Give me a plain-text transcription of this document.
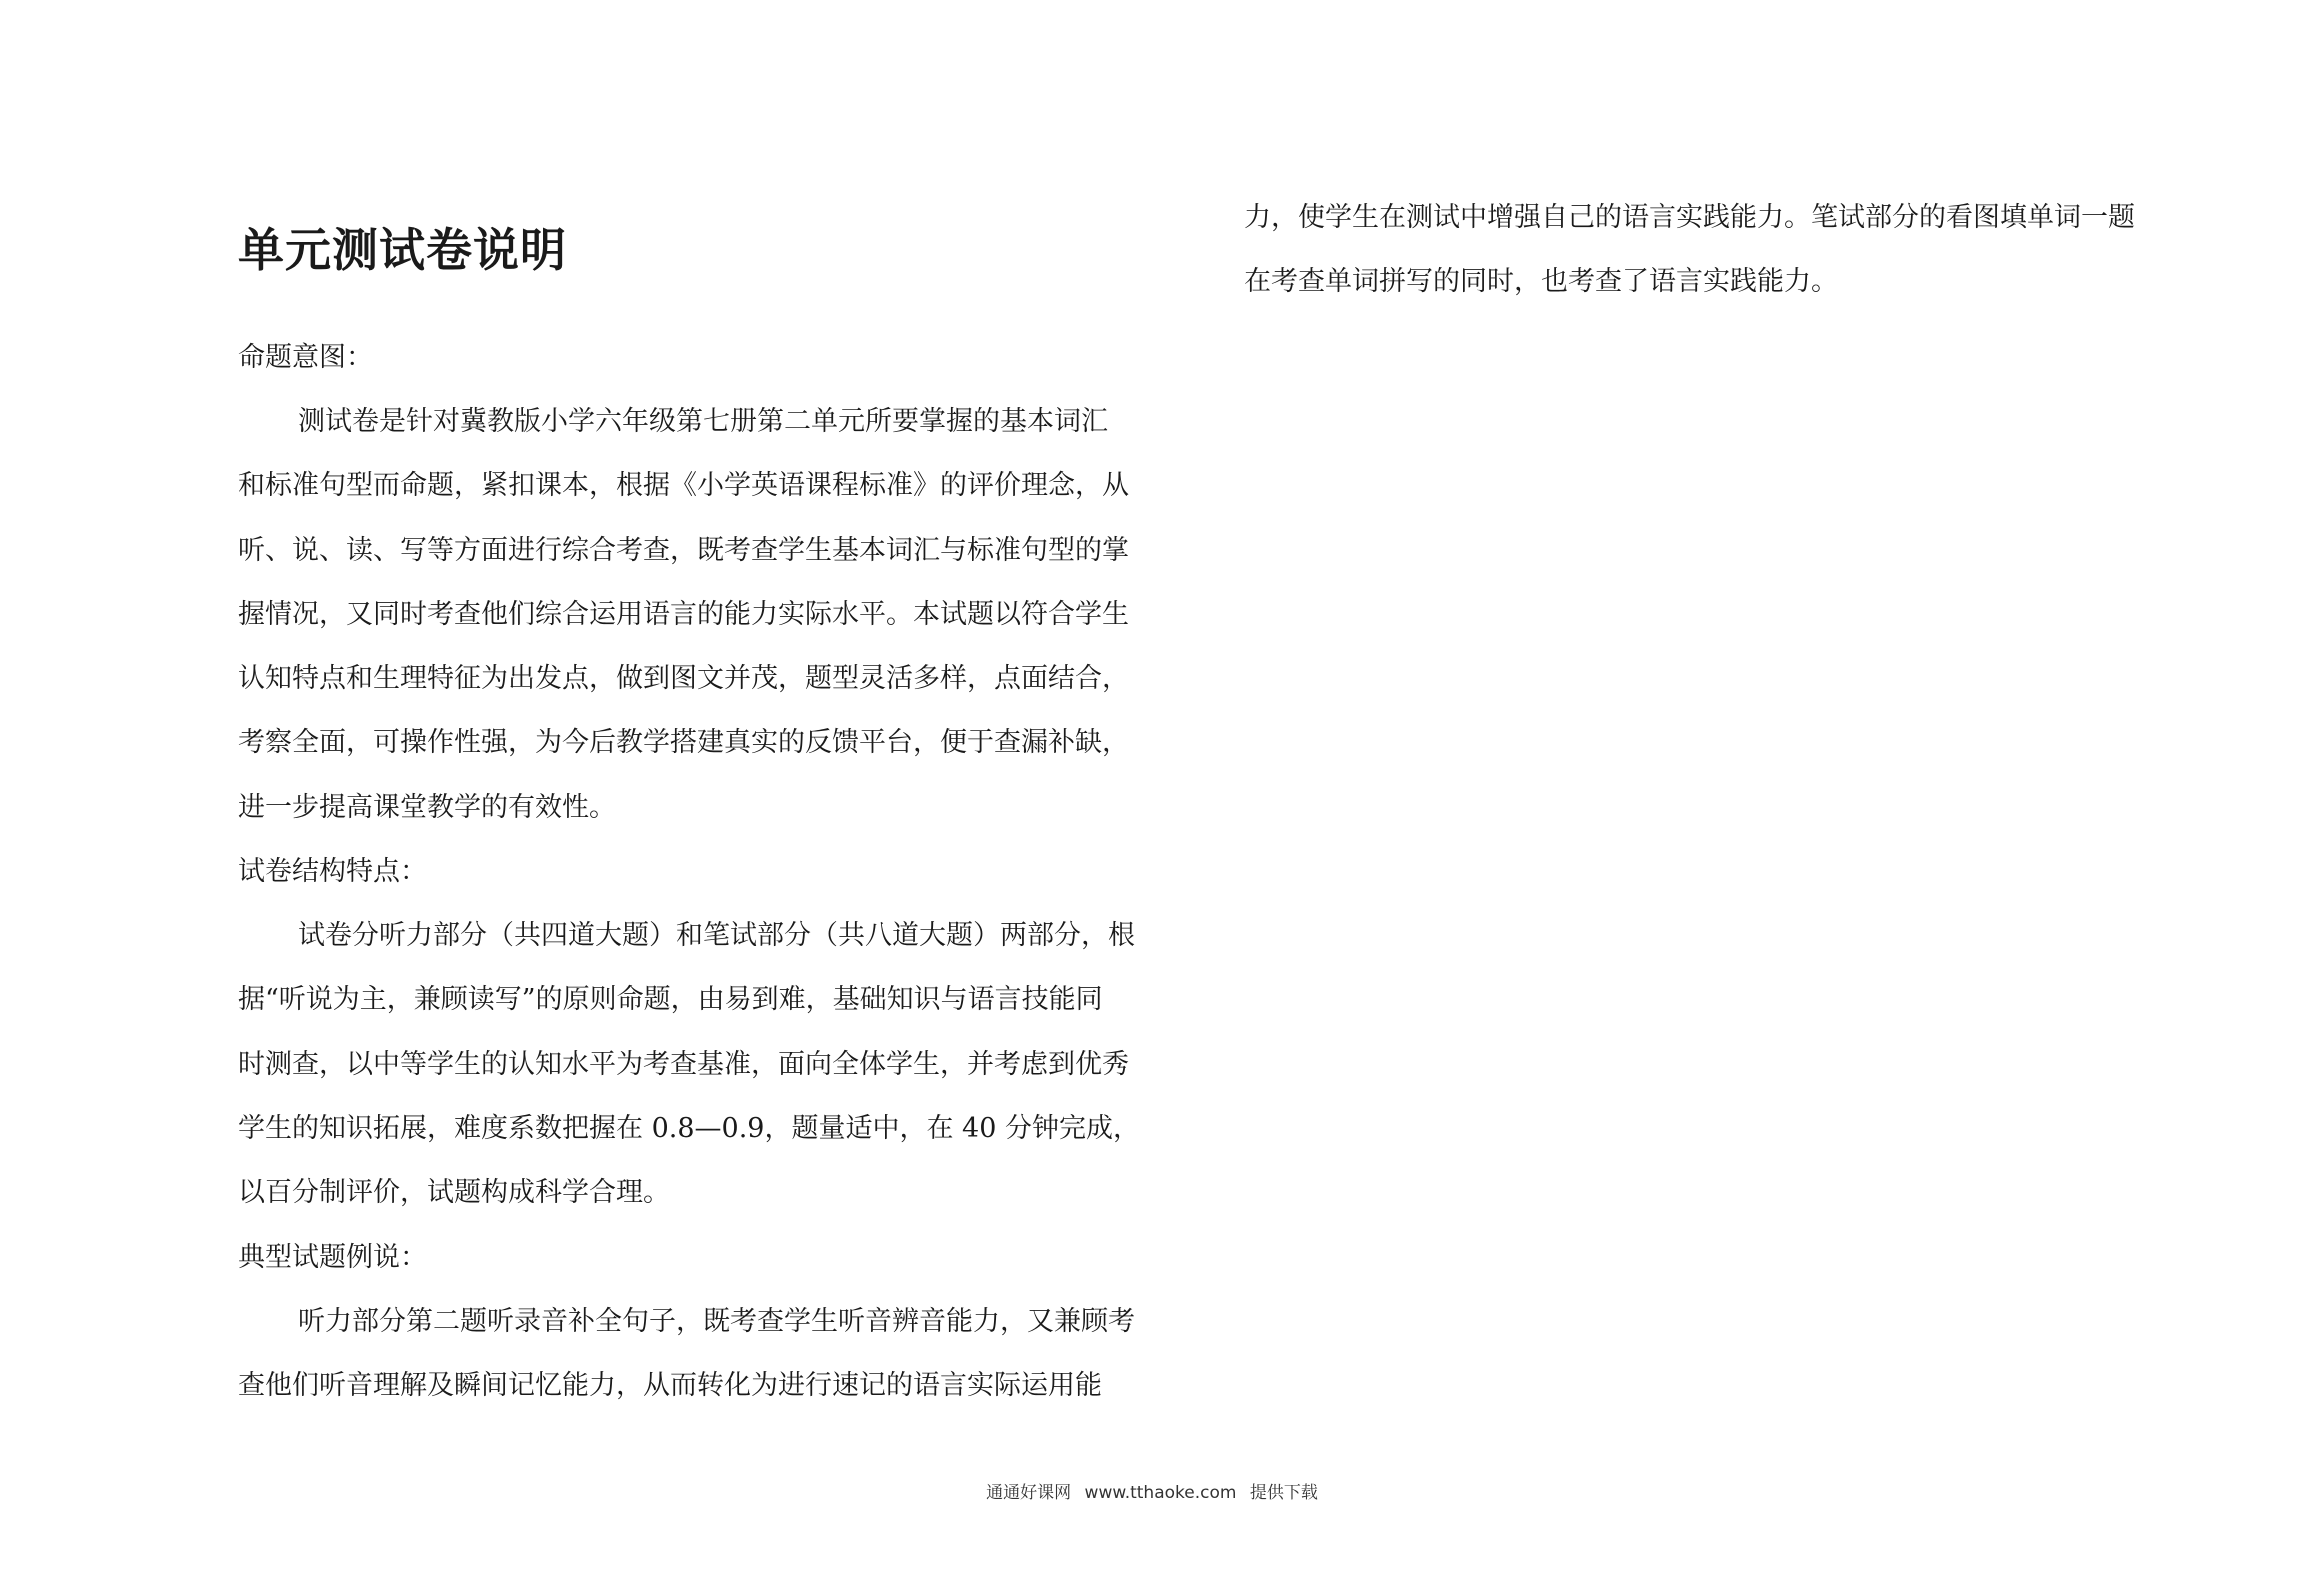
单元测试卷说明

命题意图：

测试卷是针对冀教版小学六年级第七册第二单元所要掌握的基本词汇
和标准句型而命题，紧扣课本，根据《小学英语课程标准》的评价理念，从
听、说、读、写等方面进行综合考查，既考查学生基本词汇与标准句型的掌
握情况，又同时考查他们综合运用语言的能力实际水平。本试题以符合学生
认知特点和生理特征为出发点，做到图文并茂，题型灵活多样，点面结合，
考察全面，可操作性强，为今后教学搭建真实的反馈平台，便于查漏补缺，
进一步提高课堂教学的有效性。

试卷结构特点：

试卷分听力部分（共四道大题）和笔试部分（共八道大题）两部分，根
据“听说为主，兼顾读写”的原则命题，由易到难，基础知识与语言技能同
时测查，以中等学生的认知水平为考查基准，面向全体学生，并考虑到优秀
学生的知识拓展，难度系数把握在 0.8—0.9，题量适中，在 40 分钟完成，
以百分制评价，试题构成科学合理。

典型试题例说：

听力部分第二题听录音补全句子，既考查学生听音辨音能力，又兼顾考
查他们听音理解及瞬间记忆能力，从而转化为进行速记的语言实际运用能
力，使学生在测试中增强自己的语言实践能力。笔试部分的看图填单词一题
在考查单词拼写的同时，也考查了语言实践能力。
通通好课网 www.tthaoke.com 提供下载
